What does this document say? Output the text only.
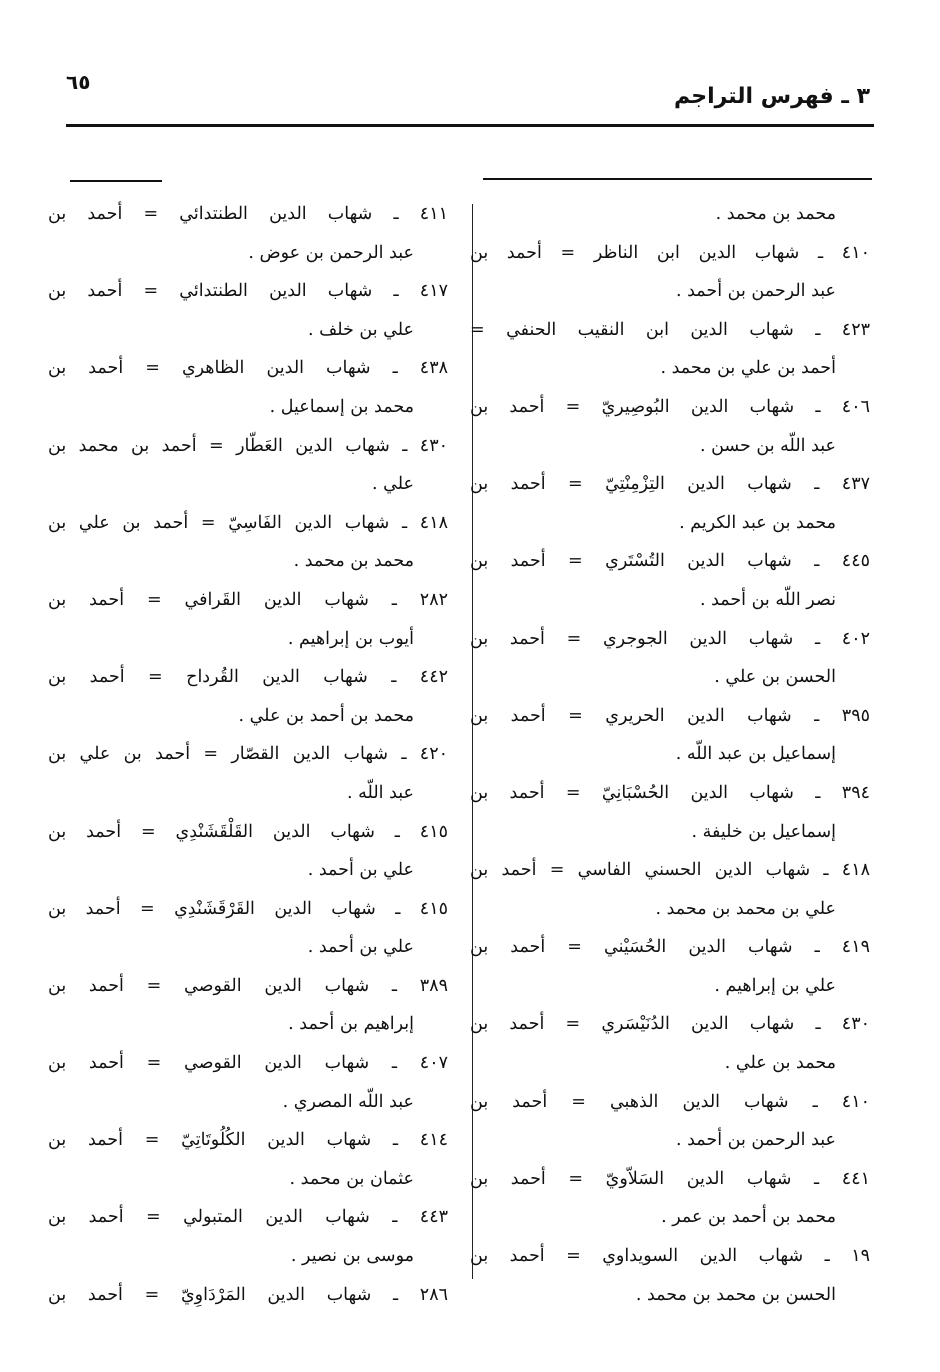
٣ ـ فهرس التراجم
٦٥
محمد بن محمد .
٤١٠ ـ شهاب الدين ابن الناظر = أحمد بن
عبد الرحمن بن أحمد .
٤٢٣ ـ شهاب الدين ابن النقيب الحنفي =
أحمد بن علي بن محمد .
٤٠٦ ـ شهاب الدين البُوصِيريّ = أحمد بن
عبد اللّه بن حسن .
٤٣٧ ـ شهاب الدين التِزْمِنْتِيّ = أحمد بن
محمد بن عبد الكريم .
٤٤٥ ـ شهاب الدين التُسْتَري = أحمد بن
نصر اللّه بن أحمد .
٤٠٢ ـ شهاب الدين الجوجري = أحمد بن
الحسن بن علي .
٣٩٥ ـ شهاب الدين الحريري = أحمد بن
إسماعيل بن عبد اللّه .
٣٩٤ ـ شهاب الدين الحُسْبَانِيّ = أحمد بن
إسماعيل بن خليفة .
٤١٨ ـ شهاب الدين الحسني الفاسي = أحمد بن
علي بن محمد بن محمد .
٤١٩ ـ شهاب الدين الحُسَيْني = أحمد بن
علي بن إبراهيم .
٤٣٠ ـ شهاب الدين الدُنَيْسَري = أحمد بن
محمد بن علي .
٤١٠ ـ شهاب الدين الذهبي = أحمد بن
عبد الرحمن بن أحمد .
٤٤١ ـ شهاب الدين السَلاّويّ = أحمد بن
محمد بن أحمد بن عمر .
١٩ ـ شهاب الدين السويداوي = أحمد بن
الحسن بن محمد بن محمد .
٤١١ ـ شهاب الدين الطنتدائي = أحمد بن
عبد الرحمن بن عوض .
٤١٧ ـ شهاب الدين الطنتدائي = أحمد بن
علي بن خلف .
٤٣٨ ـ شهاب الدين الظاهري = أحمد بن
محمد بن إسماعيل .
٤٣٠ ـ شهاب الدين العَطّار = أحمد بن محمد بن
علي .
٤١٨ ـ شهاب الدين الفَاسِيّ = أحمد بن علي بن
محمد بن محمد .
٢٨٢ ـ شهاب الدين القَرافي = أحمد بن
أيوب بن إبراهيم .
٤٤٢ ـ شهاب الدين القُرداح = أحمد بن
محمد بن أحمد بن علي .
٤٢٠ ـ شهاب الدين القصّار = أحمد بن علي بن
عبد اللّه .
٤١٥ ـ شهاب الدين القَلْقَشَنْدِي = أحمد بن
علي بن أحمد .
٤١٥ ـ شهاب الدين القَرْقَشَنْدِي = أحمد بن
علي بن أحمد .
٣٨٩ ـ شهاب الدين القوصي = أحمد بن
إبراهيم بن أحمد .
٤٠٧ ـ شهاب الدين القوصي = أحمد بن
عبد اللّه المصري .
٤١٤ ـ شهاب الدين الكُلُوتَاتِيّ = أحمد بن
عثمان بن محمد .
٤٤٣ ـ شهاب الدين المتبولي = أحمد بن
موسى بن نصير .
٢٨٦ ـ شهاب الدين المَرْدَاوِيّ = أحمد بن
